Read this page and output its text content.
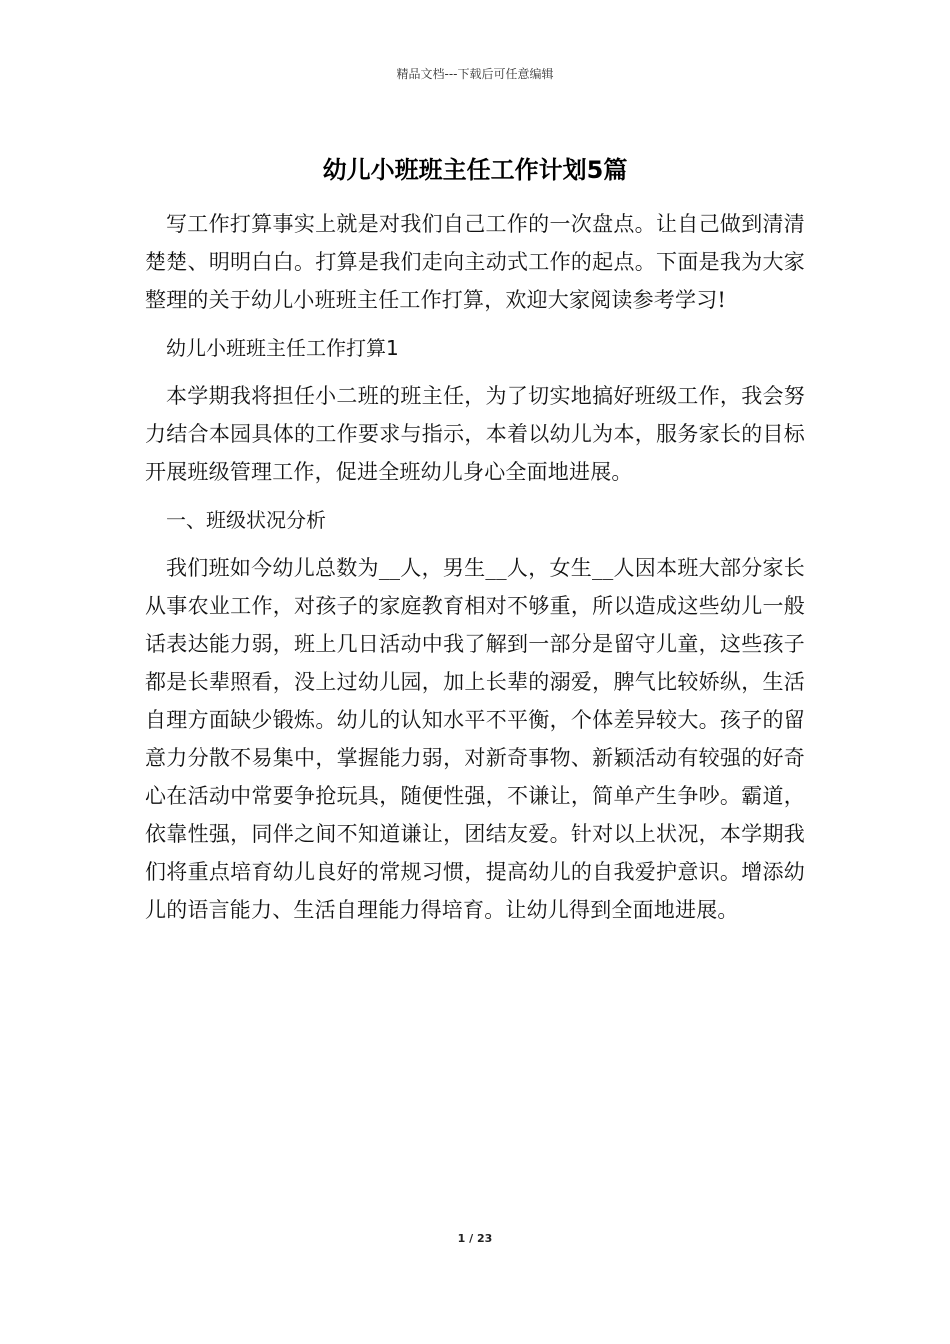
精品文档---下载后可任意编辑
幼儿小班班主任工作计划5篇

写工作打算事实上就是对我们自己工作的一次盘点。让自己做到清清楚楚、明明白白。打算是我们走向主动式工作的起点。下面是我为大家整理的关于幼儿小班班主任工作打算，欢迎大家阅读参考学习!

幼儿小班班主任工作打算1

本学期我将担任小二班的班主任，为了切实地搞好班级工作，我会努力结合本园具体的工作要求与指示，本着以幼儿为本，服务家长的目标开展班级管理工作，促进全班幼儿身心全面地进展。

一、班级状况分析

我们班如今幼儿总数为__人，男生__人，女生__人因本班大部分家长从事农业工作，对孩子的家庭教育相对不够重，所以造成这些幼儿一般话表达能力弱，班上几日活动中我了解到一部分是留守儿童，这些孩子都是长辈照看，没上过幼儿园，加上长辈的溺爱，脾气比较娇纵，生活自理方面缺少锻炼。幼儿的认知水平不平衡，个体差异较大。孩子的留意力分散不易集中，掌握能力弱，对新奇事物、新颖活动有较强的好奇心在活动中常要争抢玩具，随便性强，不谦让，简单产生争吵。霸道，依靠性强，同伴之间不知道谦让，团结友爱。针对以上状况，本学期我们将重点培育幼儿良好的常规习惯，提高幼儿的自我爱护意识。增添幼儿的语言能力、生活自理能力得培育。让幼儿得到全面地进展。

1 / 23
